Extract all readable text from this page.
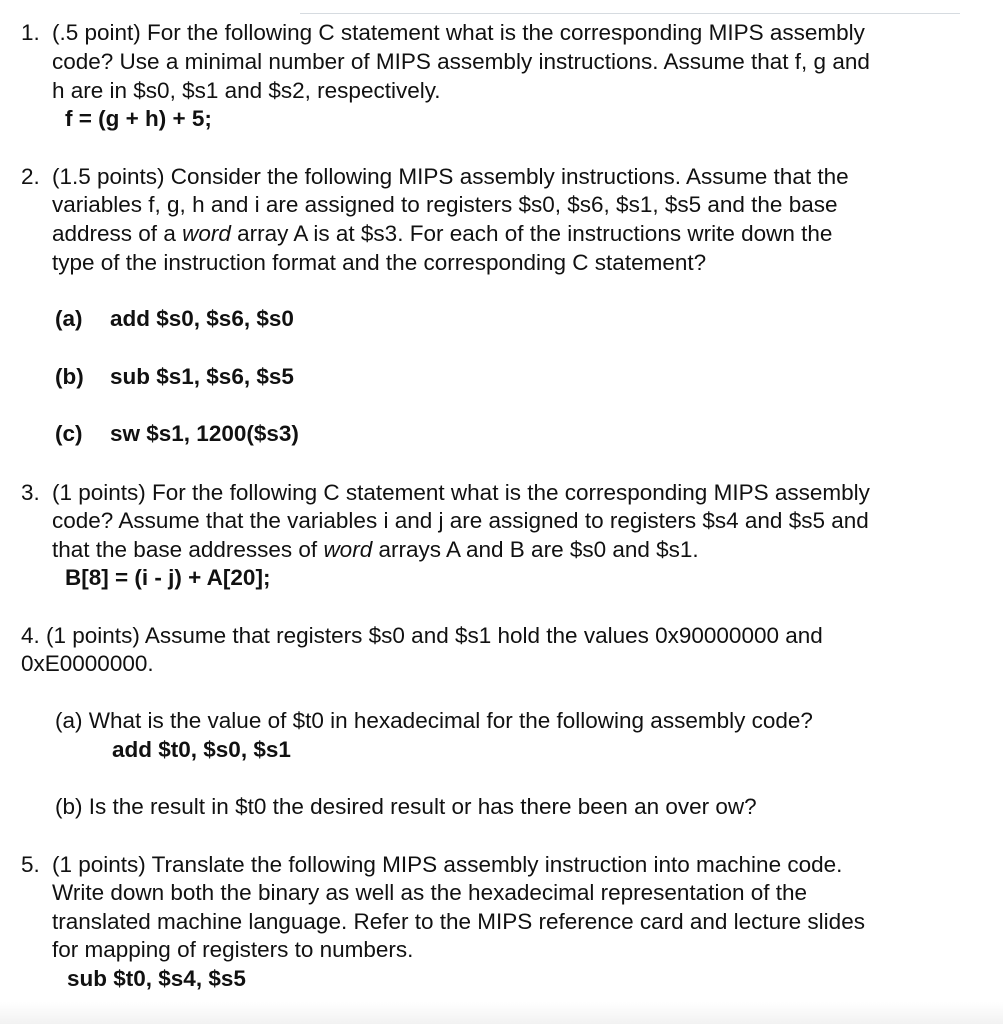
1. (.5 point) For the following C statement what is the corresponding MIPS assembly
code? Use a minimal number of MIPS assembly instructions. Assume that f, g and
h are in $s0, $s1 and $s2, respectively.
f = (g + h) + 5;
2. (1.5 points) Consider the following MIPS assembly instructions. Assume that the
variables f, g, h and i are assigned to registers $s0, $s6, $s1, $s5 and the base
address of a word array A is at $s3. For each of the instructions write down the
type of the instruction format and the corresponding C statement?
(a) add $s0, $s6, $s0
(b) sub $s1, $s6, $s5
(c) sw $s1, 1200($s3)
3. (1 points) For the following C statement what is the corresponding MIPS assembly
code? Assume that the variables i and j are assigned to registers $s4 and $s5 and
that the base addresses of word arrays A and B are $s0 and $s1.
B[8] = (i - j) + A[20];
4. (1 points) Assume that registers $s0 and $s1 hold the values 0x90000000 and
0xE0000000.
(a) What is the value of $t0 in hexadecimal for the following assembly code?
add $t0, $s0, $s1
(b) Is the result in $t0 the desired result or has there been an over ow?
5. (1 points) Translate the following MIPS assembly instruction into machine code.
Write down both the binary as well as the hexadecimal representation of the
translated machine language. Refer to the MIPS reference card and lecture slides
for mapping of registers to numbers.
sub $t0, $s4, $s5
